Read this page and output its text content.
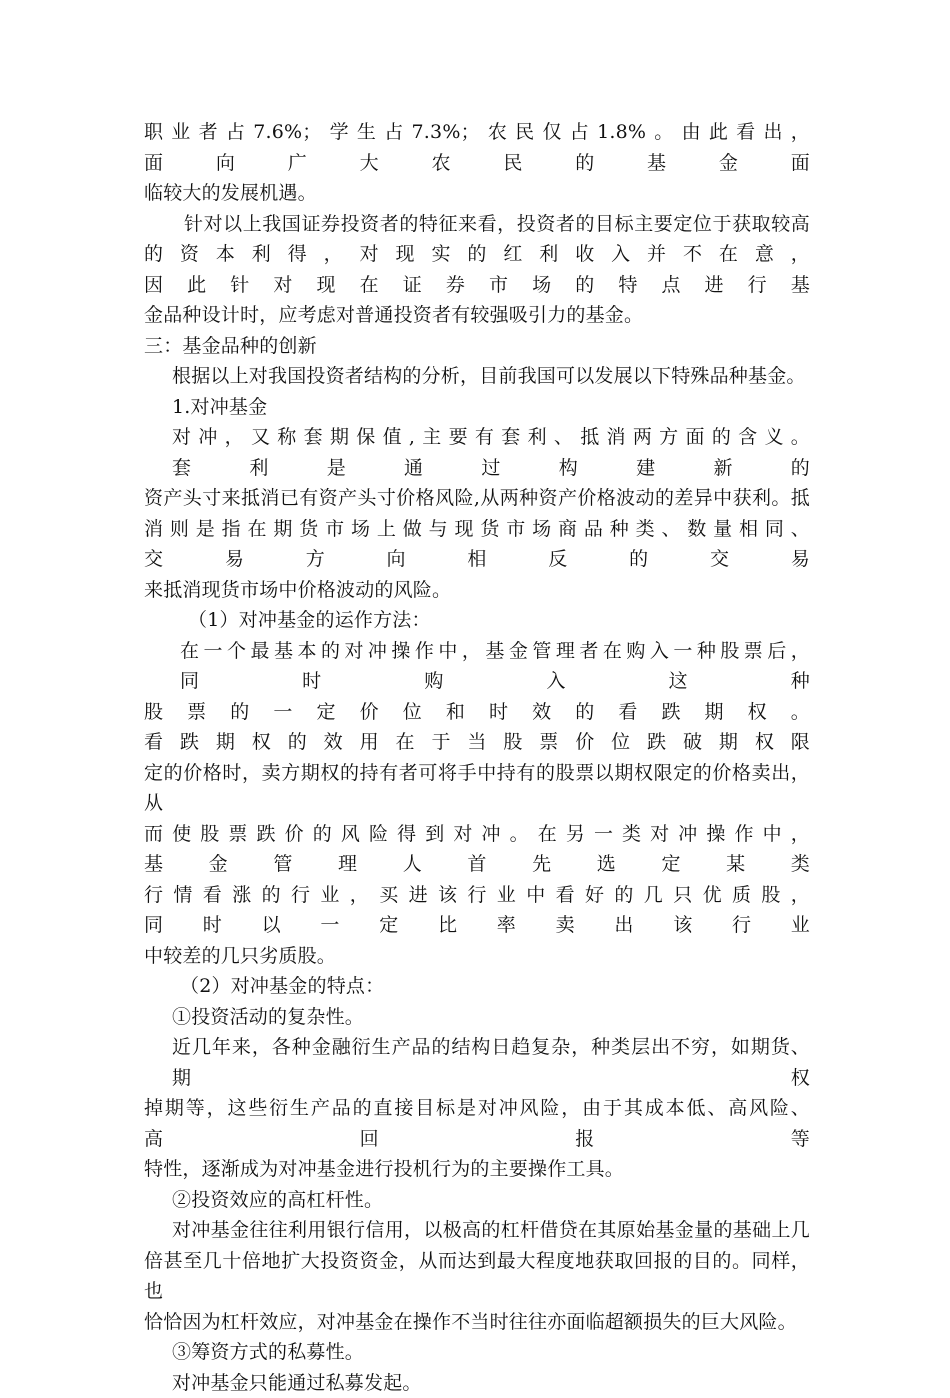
职业者占7.6%；学生占7.3%；农民仅占1.8%。由此看出，面向广大农民的基金面
临较大的发展机遇。
针对以上我国证券投资者的特征来看，投资者的目标主要定位于获取较高
的资本利得，对现实的红利收入并不在意，因此针对现在证券市场的特点进行基
金品种设计时，应考虑对普通投资者有较强吸引力的基金。
三：基金品种的创新
根据以上对我国投资者结构的分析，目前我国可以发展以下特殊品种基金。
1.对冲基金
对冲，又称套期保值,主要有套利、抵消两方面的含义。套利是通过构建新的
资产头寸来抵消已有资产头寸价格风险,从两种资产价格波动的差异中获利。抵
消则是指在期货市场上做与现货市场商品种类、数量相同、交易方向相反的交易
来抵消现货市场中价格波动的风险。
（1）对冲基金的运作方法：
在一个最基本的对冲操作中，基金管理者在购入一种股票后，同时购入这种
股票的一定价位和时效的看跌期权。看跌期权的效用在于当股票价位跌破期权限
定的价格时，卖方期权的持有者可将手中持有的股票以期权限定的价格卖出，从
而使股票跌价的风险得到对冲。在另一类对冲操作中，基金管理人首先选定某类
行情看涨的行业，买进该行业中看好的几只优质股，同时以一定比率卖出该行业
中较差的几只劣质股。
（2）对冲基金的特点：
①投资活动的复杂性。
近几年来，各种金融衍生产品的结构日趋复杂，种类层出不穷，如期货、期权
掉期等，这些衍生产品的直接目标是对冲风险，由于其成本低、高风险、高回报等
特性，逐渐成为对冲基金进行投机行为的主要操作工具。
②投资效应的高杠杆性。
对冲基金往往利用银行信用，以极高的杠杆借贷在其原始基金量的基础上几
倍甚至几十倍地扩大投资资金，从而达到最大程度地获取回报的目的。同样，也
恰恰因为杠杆效应，对冲基金在操作不当时往往亦面临超额损失的巨大风险。
③筹资方式的私募性。
对冲基金只能通过私募发起。
